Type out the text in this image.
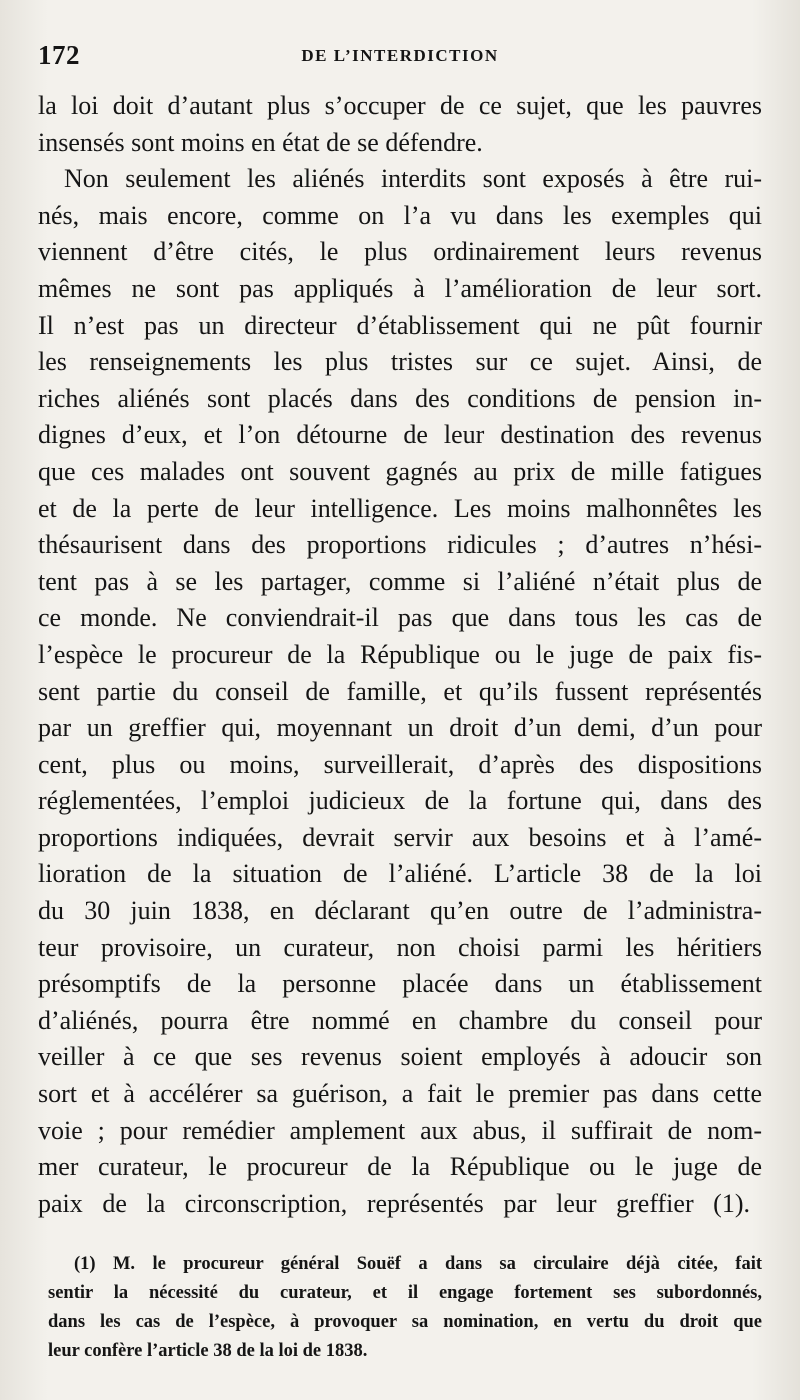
172	DE L’INTERDICTION
la loi doit d’autant plus s’occuper de ce sujet, que les pauvres
insensés sont moins en état de se défendre.
Non seulement les aliénés interdits sont exposés à être rui-
nés, mais encore, comme on l’a vu dans les exemples qui
viennent d’être cités, le plus ordinairement leurs revenus
mêmes ne sont pas appliqués à l’amélioration de leur sort.
Il n’est pas un directeur d’établissement qui ne pût fournir
les renseignements les plus tristes sur ce sujet. Ainsi, de
riches aliénés sont placés dans des conditions de pension in-
dignes d’eux, et l’on détourne de leur destination des revenus
que ces malades ont souvent gagnés au prix de mille fatigues
et de la perte de leur intelligence. Les moins malhonnêtes les
thésaurisent dans des proportions ridicules ; d’autres n’hési-
tent pas à se les partager, comme si l’aliéné n’était plus de
ce monde. Ne conviendrait-il pas que dans tous les cas de
l’espèce le procureur de la République ou le juge de paix fis-
sent partie du conseil de famille, et qu’ils fussent représentés
par un greffier qui, moyennant un droit d’un demi, d’un pour
cent, plus ou moins, surveillerait, d’après des dispositions
réglementées, l’emploi judicieux de la fortune qui, dans des
proportions indiquées, devrait servir aux besoins et à l’amé-
lioration de la situation de l’aliéné. L’article 38 de la loi
du 30 juin 1838, en déclarant qu’en outre de l’administra-
teur provisoire, un curateur, non choisi parmi les héritiers
présomptifs de la personne placée dans un établissement
d’aliénés, pourra être nommé en chambre du conseil pour
veiller à ce que ses revenus soient employés à adoucir son
sort et à accélérer sa guérison, a fait le premier pas dans cette
voie ; pour remédier amplement aux abus, il suffirait de nom-
mer curateur, le procureur de la République ou le juge de
paix de la circonscription, représentés par leur greffier (1).
(1) M. le procureur général Souëf a dans sa circulaire déjà citée, fait
sentir la nécessité du curateur, et il engage fortement ses subordonnés,
dans les cas de l’espèce, à provoquer sa nomination, en vertu du droit que
leur confère l’article 38 de la loi de 1838.
